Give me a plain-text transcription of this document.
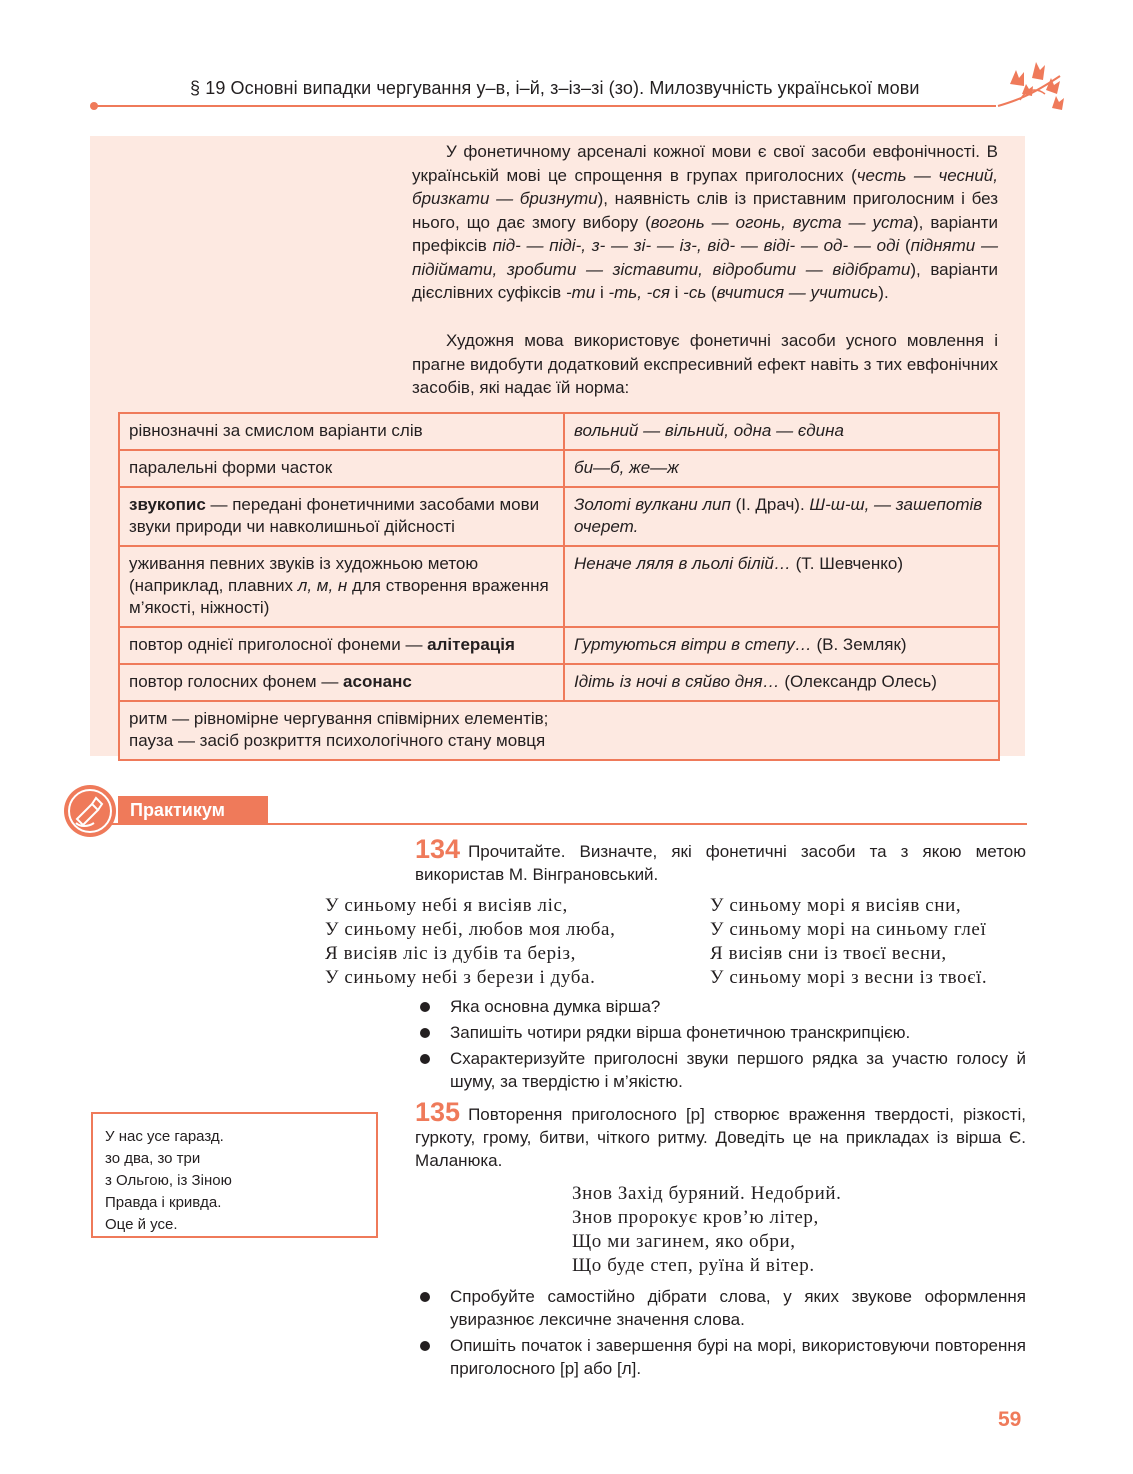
§ 19 Основні випадки чергування у–в, і–й, з–із–зі (зо). Милозвучність української мови

У фонетичному арсеналі кожної мови є свої засоби евфонічності. В українській мові це спрощення в групах приголосних (честь — чесний, бризкати — бризнути), наявність слів із приставним приголосним і без нього, що дає змогу вибору (вогонь — огонь, вуста — уста), варіанти префіксів під- — піді-, з- — зі- — із-, від- — віді- — од- — оді (підняти — підіймати, зробити — зіставити, відробити — відібрати), варіанти дієслівних суфіксів -ти і -ть, -ся і -сь (вчитися — учитись).

Художня мова використовує фонетичні засоби усного мовлення і прагне видобути додатковий експресивний ефект навіть з тих евфонічних засобів, які надає їй норма:

рівнозначні за смислом варіанти слів	вольний — вільний, одна — єдина
паралельні форми часток	би—б, же—ж
звукопис — передані фонетичними засобами мови звуки природи чи навколишньої дійсності	Золоті вулкани лип (І. Драч). Ш-ш-ш, — зашепотів очерет.
уживання певних звуків із художньою метою (наприклад, плавних л, м, н для створення враження м’якості, ніжності)	Неначе ляля в льолі білій… (Т. Шевченко)
повтор однієї приголосної фонеми — алітерація	Гуртуються вітри в степу… (В. Земляк)
повтор голосних фонем — асонанс	Ідіть із ночі в сяйво дня… (Олександр Олесь)

ритм — рівномірне чергування співмірних елементів;
пауза — засіб розкриття психологічного стану мовця	
Практикум
134 Прочитайте. Визначте, які фонетичні засоби та з якою метою використав М. Вінграновський.
У синьому небі я висіяв ліс,
У синьому небі, любов моя люба,
Я висіяв ліс із дубів та беріз,
У синьому небі з берези і дуба.
У синьому морі я висіяв сни,
У синьому морі на синьому глеї
Я висіяв сни із твоєї весни,
У синьому морі з весни із твоєї.
Яка основна думка вірша?
Запишіть чотири рядки вірша фонетичною транскрипцією.
Схарактеризуйте приголосні звуки першого рядка за участю голосу й шуму, за твердістю і м’якістю.
У нас усе гаразд.
зо два, зо три
з Ольгою, із Зіною
Правда і кривда.
Оце й усе.
135 Повторення приголосного [р] створює враження твердості, різкості, гуркоту, грому, битви, чіткого ритму. Доведіть це на прикладах із вірша Є. Маланюка.
Знов Захід буряний. Недобрий.
Знов пророкує кров’ю літер,
Що ми загинем, яко обри,
Що буде степ, руїна й вітер.
Спробуйте самостійно дібрати слова, у яких звукове оформлення увиразнює лексичне значення слова.
Опишіть початок і завершення бурі на морі, використовуючи повторення приголосного [р] або [л].
59
